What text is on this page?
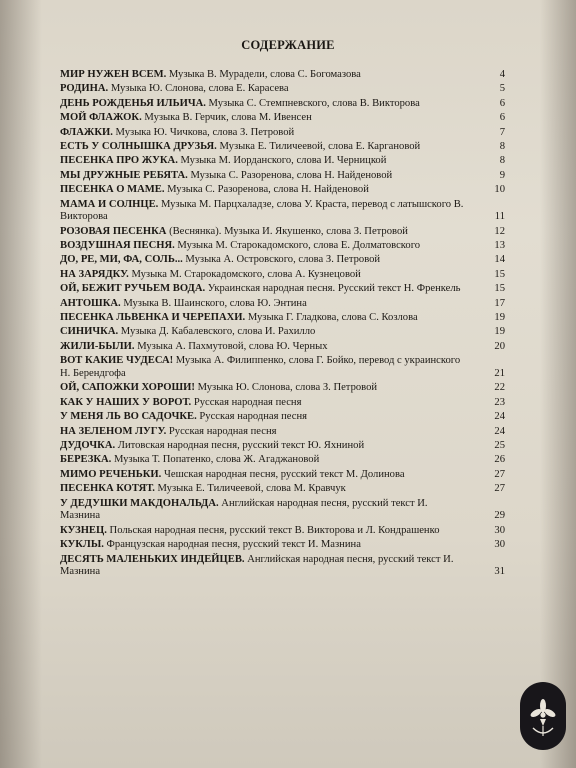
СОДЕРЖАНИЕ
МИР НУЖЕН ВСЕМ. Музыка В. Мурадели, слова С. Богомазова	4
РОДИНА. Музыка Ю. Слонова, слова Е. Карасева	5
ДЕНЬ РОЖДЕНЬЯ ИЛЬИЧА. Музыка С. Стемпневского, слова В. Викторова	6
МОЙ ФЛАЖОК. Музыка В. Герчик, слова М. Ивенсен	6
ФЛАЖКИ. Музыка Ю. Чичкова, слова З. Петровой	7
ЕСТЬ У СОЛНЫШКА ДРУЗЬЯ. Музыка Е. Тиличеевой, слова Е. Каргановой	8
ПЕСЕНКА ПРО ЖУКА. Музыка М. Иорданского, слова И. Черницкой	8
МЫ ДРУЖНЫЕ РЕБЯТА. Музыка С. Разоренова, слова Н. Найденовой	9
ПЕСЕНКА О МАМЕ. Музыка С. Разоренова, слова Н. Найденовой	10
МАМА И СОЛНЦЕ. Музыка М. Парцхаладзе, слова У. Краста, перевод с латышского В. Викторова	11
РОЗОВАЯ ПЕСЕНКА (Веснянка). Музыка И. Якушенко, слова З. Петровой	12
ВОЗДУШНАЯ ПЕСНЯ. Музыка М. Старокадомского, слова Е. Долматовского	13
ДО, РЕ, МИ, ФА, СОЛЬ... Музыка А. Островского, слова З. Петровой	14
НА ЗАРЯДКУ. Музыка М. Старокадомского, слова А. Кузнецовой	15
ОЙ, БЕЖИТ РУЧЬЕМ ВОДА. Украинская народная песня. Русский текст Н. Френкель	15
АНТОШКА. Музыка В. Шаинского, слова Ю. Энтина	17
ПЕСЕНКА ЛЬВЕНКА И ЧЕРЕПАХИ. Музыка Г. Гладкова, слова С. Козлова	19
СИНИЧКА. Музыка Д. Кабалевского, слова И. Рахилло	19
ЖИЛИ-БЫЛИ. Музыка А. Пахмутовой, слова Ю. Черных	20
ВОТ КАКИЕ ЧУДЕСА! Музыка А. Филиппенко, слова Г. Бойко, перевод с украинского Н. Берендгофа	21
ОЙ, САПОЖКИ ХОРОШИ! Музыка Ю. Слонова, слова З. Петровой	22
КАК У НАШИХ У ВОРОТ. Русская народная песня	23
У МЕНЯ ЛЬ ВО САДОЧКЕ. Русская народная песня	24
НА ЗЕЛЕНОМ ЛУГУ. Русская народная песня	24
ДУДОЧКА. Литовская народная песня, русский текст Ю. Яхниной	25
БЕРЕЗКА. Музыка Т. Попатенко, слова Ж. Агаджановой	26
МИМО РЕЧЕНЬКИ. Чешская народная песня, русский текст М. Долинова	27
ПЕСЕНКА КОТЯТ. Музыка Е. Тиличеевой, слова М. Кравчук	27
У ДЕДУШКИ МАКДОНАЛЬДА. Английская народная песня, русский текст И. Мазнина	29
КУЗНЕЦ. Польская народная песня, русский текст В. Викторова и Л. Кондрашенко	30
КУКЛЫ. Французская народная песня, русский текст И. Мазнина	30
ДЕСЯТЬ МАЛЕНЬКИХ ИНДЕЙЦЕВ. Английская народная песня, русский текст И. Мазнина	31
